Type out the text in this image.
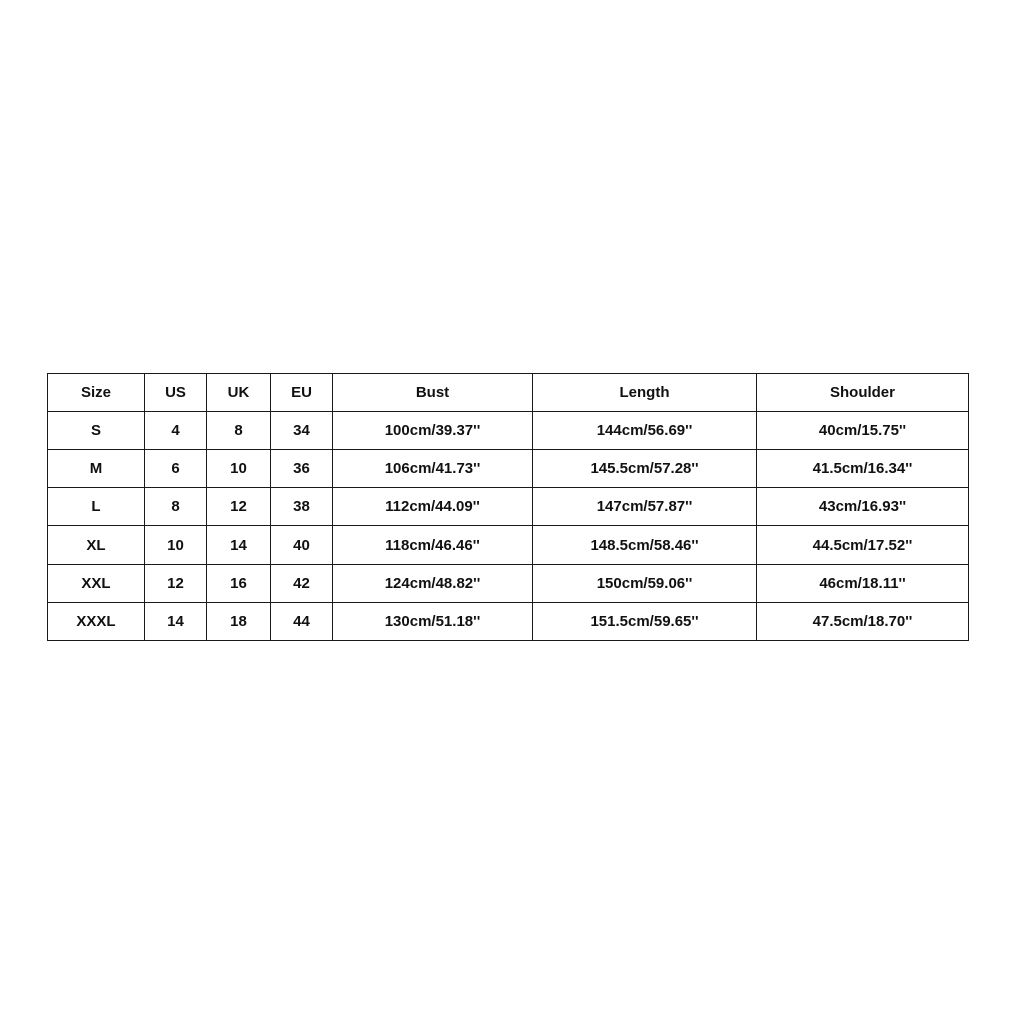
Size	US	UK	EU	Bust	Length	Shoulder
S	4	8	34	100cm/39.37''	144cm/56.69''	40cm/15.75''
M	6	10	36	106cm/41.73''	145.5cm/57.28''	41.5cm/16.34''
L	8	12	38	112cm/44.09''	147cm/57.87''	43cm/16.93''
XL	10	14	40	118cm/46.46''	148.5cm/58.46''	44.5cm/17.52''
XXL	12	16	42	124cm/48.82''	150cm/59.06''	46cm/18.11''
XXXL	14	18	44	130cm/51.18''	151.5cm/59.65''	47.5cm/18.70''
